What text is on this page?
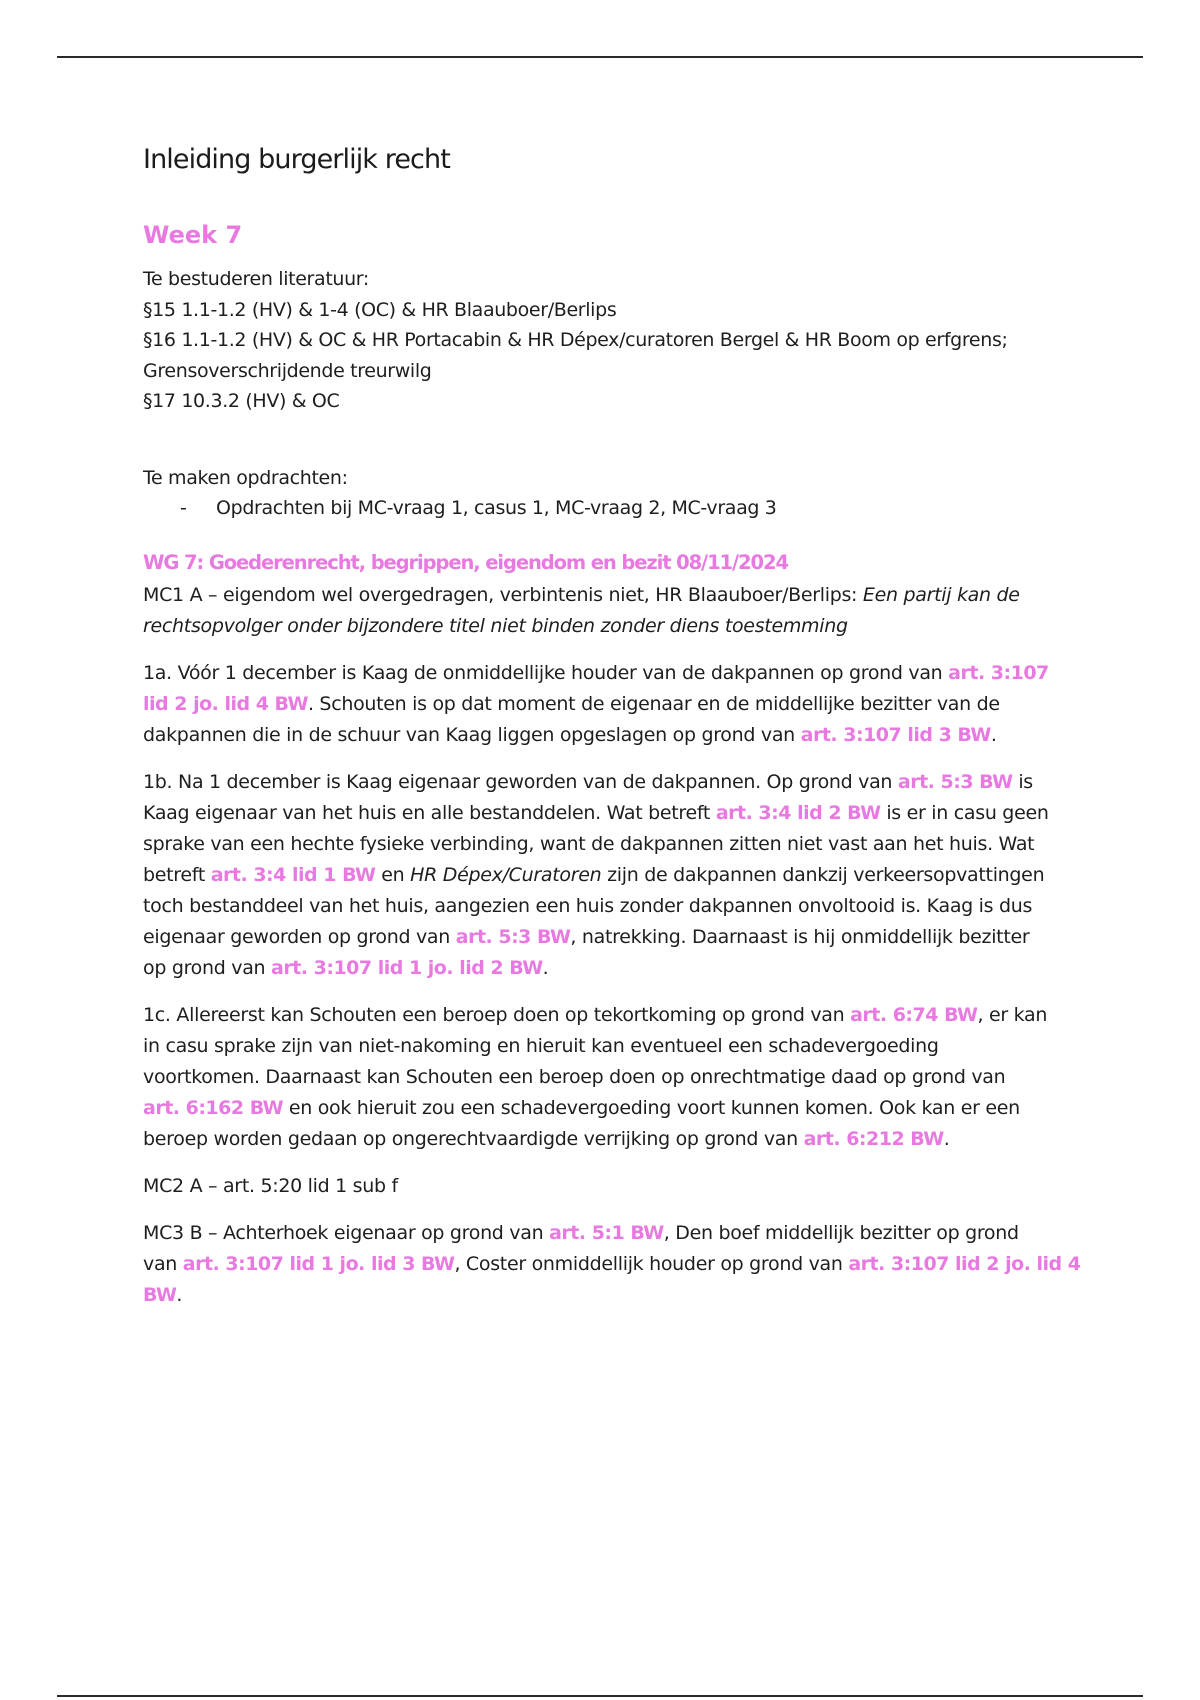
Inleiding burgerlijk recht
Week 7
Te bestuderen literatuur:
§15 1.1-1.2 (HV) & 1-4 (OC) & HR Blaauboer/Berlips
§16 1.1-1.2 (HV) & OC & HR Portacabin & HR Dépex/curatoren Bergel & HR Boom op erfgrens;
Grensoverschrijdende treurwilg
§17 10.3.2 (HV) & OC
Te maken opdrachten:
- Opdrachten bij MC-vraag 1, casus 1, MC-vraag 2, MC-vraag 3
WG 7: Goederenrecht, begrippen, eigendom en bezit 08/11/2024

MC1 A – eigendom wel overgedragen, verbintenis niet, HR Blaauboer/Berlips: Een partij kan de

rechtsopvolger onder bijzondere titel niet binden zonder diens toestemming

1a. Vóór 1 december is Kaag de onmiddellijke houder van de dakpannen op grond van art. 3:107

lid 2 jo. lid 4 BW. Schouten is op dat moment de eigenaar en de middellijke bezitter van de

dakpannen die in de schuur van Kaag liggen opgeslagen op grond van art. 3:107 lid 3 BW.

1b. Na 1 december is Kaag eigenaar geworden van de dakpannen. Op grond van art. 5:3 BW is

Kaag eigenaar van het huis en alle bestanddelen. Wat betreft art. 3:4 lid 2 BW is er in casu geen

sprake van een hechte fysieke verbinding, want de dakpannen zitten niet vast aan het huis. Wat

betreft art. 3:4 lid 1 BW en HR Dépex/Curatoren zijn de dakpannen dankzij verkeersopvattingen

toch bestanddeel van het huis, aangezien een huis zonder dakpannen onvoltooid is. Kaag is dus

eigenaar geworden op grond van art. 5:3 BW, natrekking. Daarnaast is hij onmiddellijk bezitter

op grond van art. 3:107 lid 1 jo. lid 2 BW.

1c. Allereerst kan Schouten een beroep doen op tekortkoming op grond van art. 6:74 BW, er kan

in casu sprake zijn van niet-nakoming en hieruit kan eventueel een schadevergoeding

voortkomen. Daarnaast kan Schouten een beroep doen op onrechtmatige daad op grond van

art. 6:162 BW en ook hieruit zou een schadevergoeding voort kunnen komen. Ook kan er een

beroep worden gedaan op ongerechtvaardigde verrijking op grond van art. 6:212 BW.

MC2 A – art. 5:20 lid 1 sub f

MC3 B – Achterhoek eigenaar op grond van art. 5:1 BW, Den boef middellijk bezitter op grond

van art. 3:107 lid 1 jo. lid 3 BW, Coster onmiddellijk houder op grond van art. 3:107 lid 2 jo. lid 4

BW.
